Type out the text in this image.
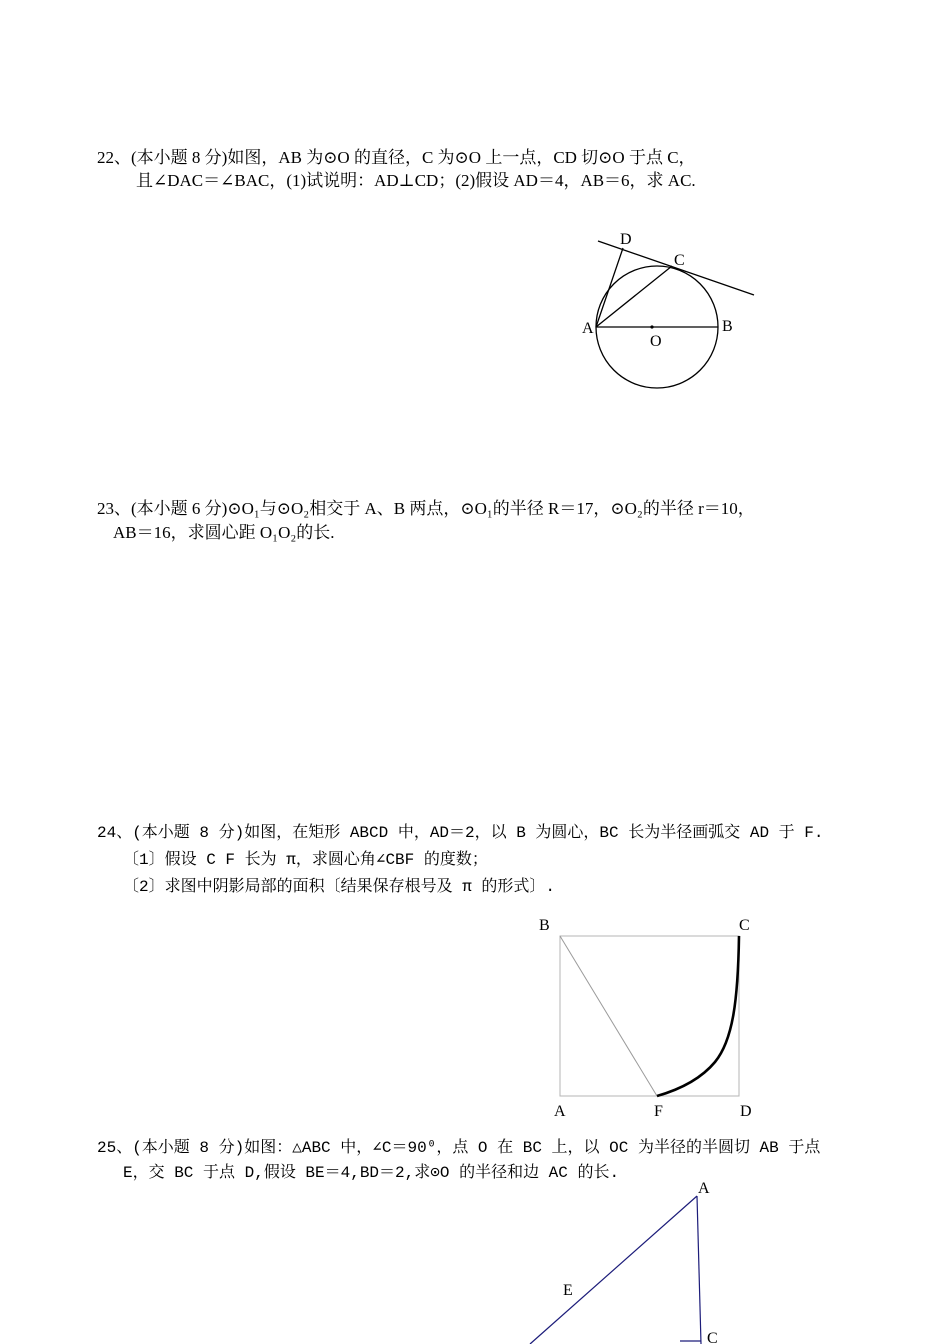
22、(本小题 8 分)如图，AB 为⊙O 的直径，C 为⊙O 上一点，CD 切⊙O 于点 C，
且∠DAC＝∠BAC，(1)试说明：AD⊥CD；(2)假设 AD＝4，AB＝6，求 AC.
D
C
A	B
O
23、(本小题 6 分)⊙O₁与⊙O₂相交于 A、B 两点，⊙O₁的半径 R＝17，⊙O₂的半径 r＝10，
AB＝16，求圆心距 O₁O₂的长.
24、(本小题 8 分)如图，在矩形 ABCD 中，AD＝2，以 B 为圆心，BC 长为半径画弧交 AD 于 F.
〔1〕假设 C F 长为 π，求圆心角∠CBF 的度数；
〔2〕求图中阴影局部的面积〔结果保存根号及 π 的形式〕.
B	C
A	F	D
25、(本小题 8 分)如图：△ABC 中，∠C＝90⁰，点 O 在 BC 上，以 OC 为半径的半圆切 AB 于点
E，交 BC 于点 D,假设 BE＝4,BD＝2,求⊙O 的半径和边 AC 的长.
A
E
C
